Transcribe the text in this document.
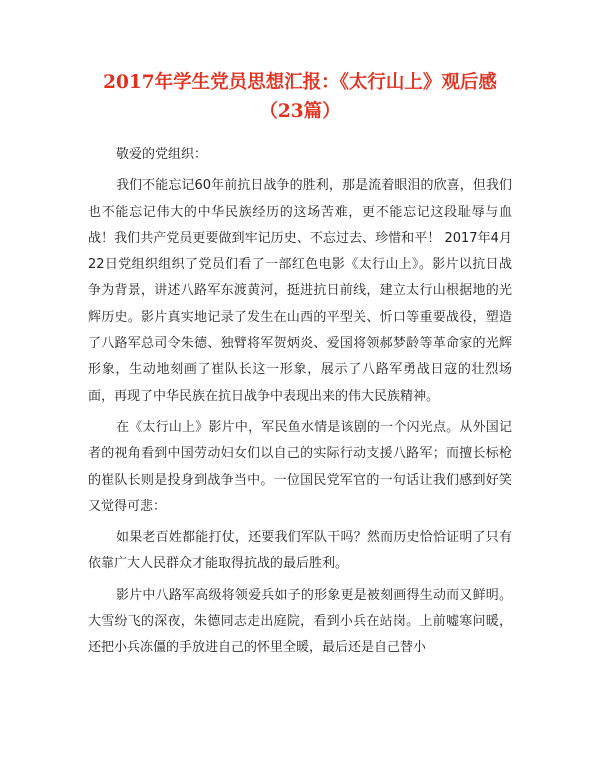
2017年学生党员思想汇报：《太行山上》观后感
（23篇）

敬爱的党组织：

我们不能忘记60年前抗日战争的胜利，那是流着眼泪的欣喜，但我们也不能忘记伟大的中华民族经历的这场苦难，更不能忘记这段耻辱与血战！我们共产党员更要做到牢记历史、不忘过去、珍惜和平！ 2017年4月22日党组织组织了党员们看了一部红色电影《太行山上》。影片以抗日战争为背景，讲述八路军东渡黄河，挺进抗日前线，建立太行山根据地的光辉历史。影片真实地记录了发生在山西的平型关、忻口等重要战役，塑造了八路军总司令朱德、独臂将军贺炳炎、爱国将领郝梦龄等革命家的光辉形象，生动地刻画了崔队长这一形象，展示了八路军勇战日寇的壮烈场面，再现了中华民族在抗日战争中表现出来的伟大民族精神。

在《太行山上》影片中，军民鱼水情是该剧的一个闪光点。从外国记者的视角看到中国劳动妇女们以自己的实际行动支援八路军；而擅长标枪的崔队长则是投身到战争当中。一位国民党军官的一句话让我们感到好笑又觉得可悲：

如果老百姓都能打仗，还要我们军队干吗？然而历史恰恰证明了只有依靠广大人民群众才能取得抗战的最后胜利。

影片中八路军高级将领爱兵如子的形象更是被刻画得生动而又鲜明。大雪纷飞的深夜，朱德同志走出庭院，看到小兵在站岗。上前嘘寒问暖，还把小兵冻僵的手放进自己的怀里全暖，最后还是自己替小
